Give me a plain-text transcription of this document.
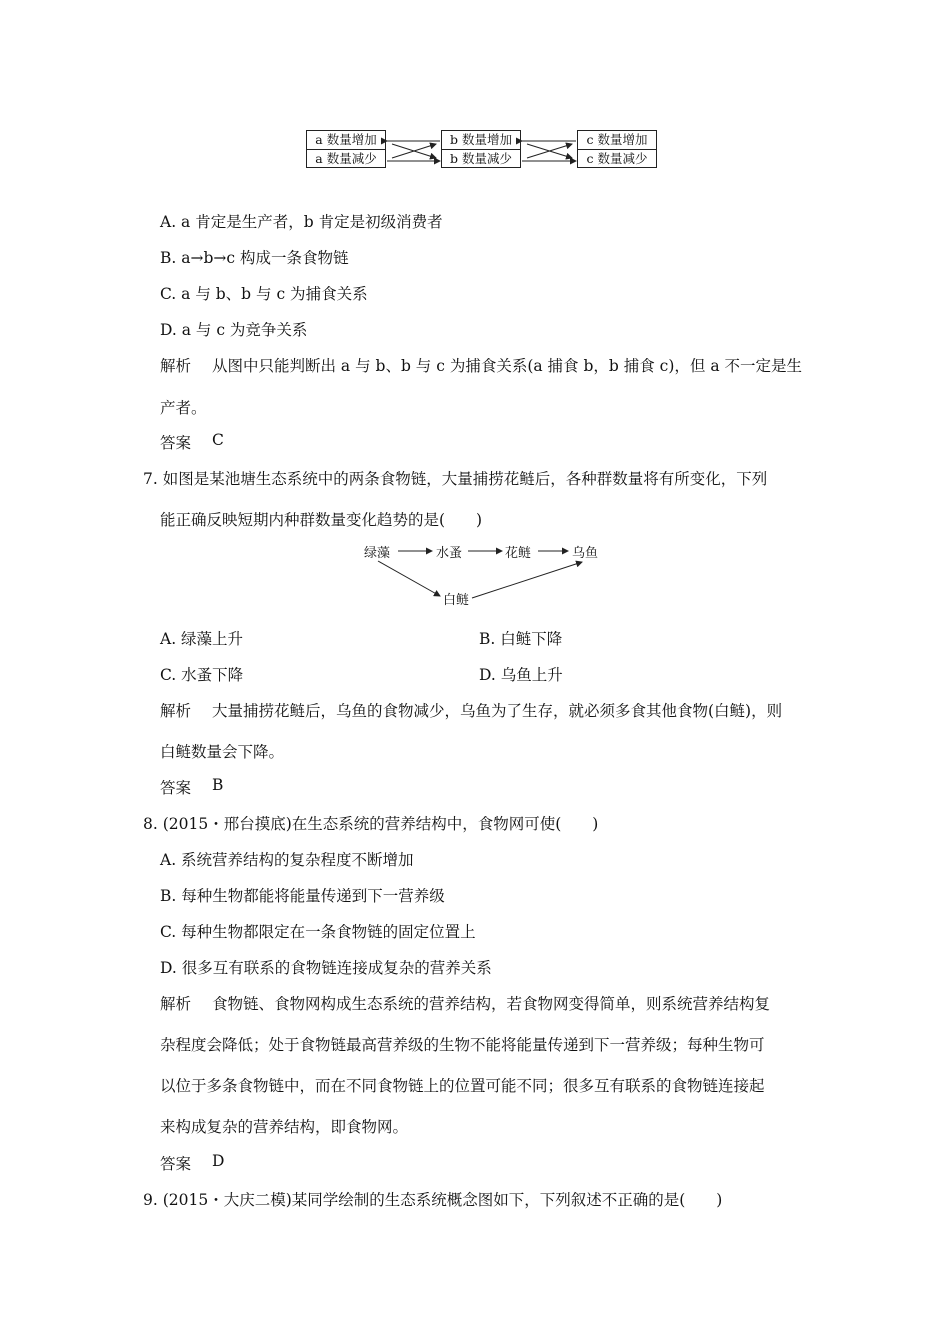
a 数量增加
a 数量减少
b 数量增加
b 数量减少
c 数量增加
c 数量减少
A. a 肯定是生产者，b 肯定是初级消费者
B. a→b→c 构成一条食物链
C. a 与 b、b 与 c 为捕食关系
D. a 与 c 为竞争关系
解析 从图中只能判断出 a 与 b、b 与 c 为捕食关系(a 捕食 b，b 捕食 c)，但 a 不一定是生
产者。
答案 C
7. 如图是某池塘生态系统中的两条食物链，大量捕捞花鲢后，各种群数量将有所变化，下列
能正确反映短期内种群数量变化趋势的是(　　)
绿藻	水蚤	花鲢	乌鱼
白鲢
A. 绿藻上升	B. 白鲢下降
C. 水蚤下降	D. 乌鱼上升
解析 大量捕捞花鲢后，乌鱼的食物减少，乌鱼为了生存，就必须多食其他食物(白鲢)，则
白鲢数量会下降。
答案 B
8. (2015・邢台摸底)在生态系统的营养结构中，食物网可使(　　)
A. 系统营养结构的复杂程度不断增加
B. 每种生物都能将能量传递到下一营养级
C. 每种生物都限定在一条食物链的固定位置上
D. 很多互有联系的食物链连接成复杂的营养关系
解析 食物链、食物网构成生态系统的营养结构，若食物网变得简单，则系统营养结构复
杂程度会降低；处于食物链最高营养级的生物不能将能量传递到下一营养级；每种生物可
以位于多条食物链中，而在不同食物链上的位置可能不同；很多互有联系的食物链连接起
来构成复杂的营养结构，即食物网。
答案 D
9. (2015・大庆二模)某同学绘制的生态系统概念图如下，下列叙述不正确的是(　　)
